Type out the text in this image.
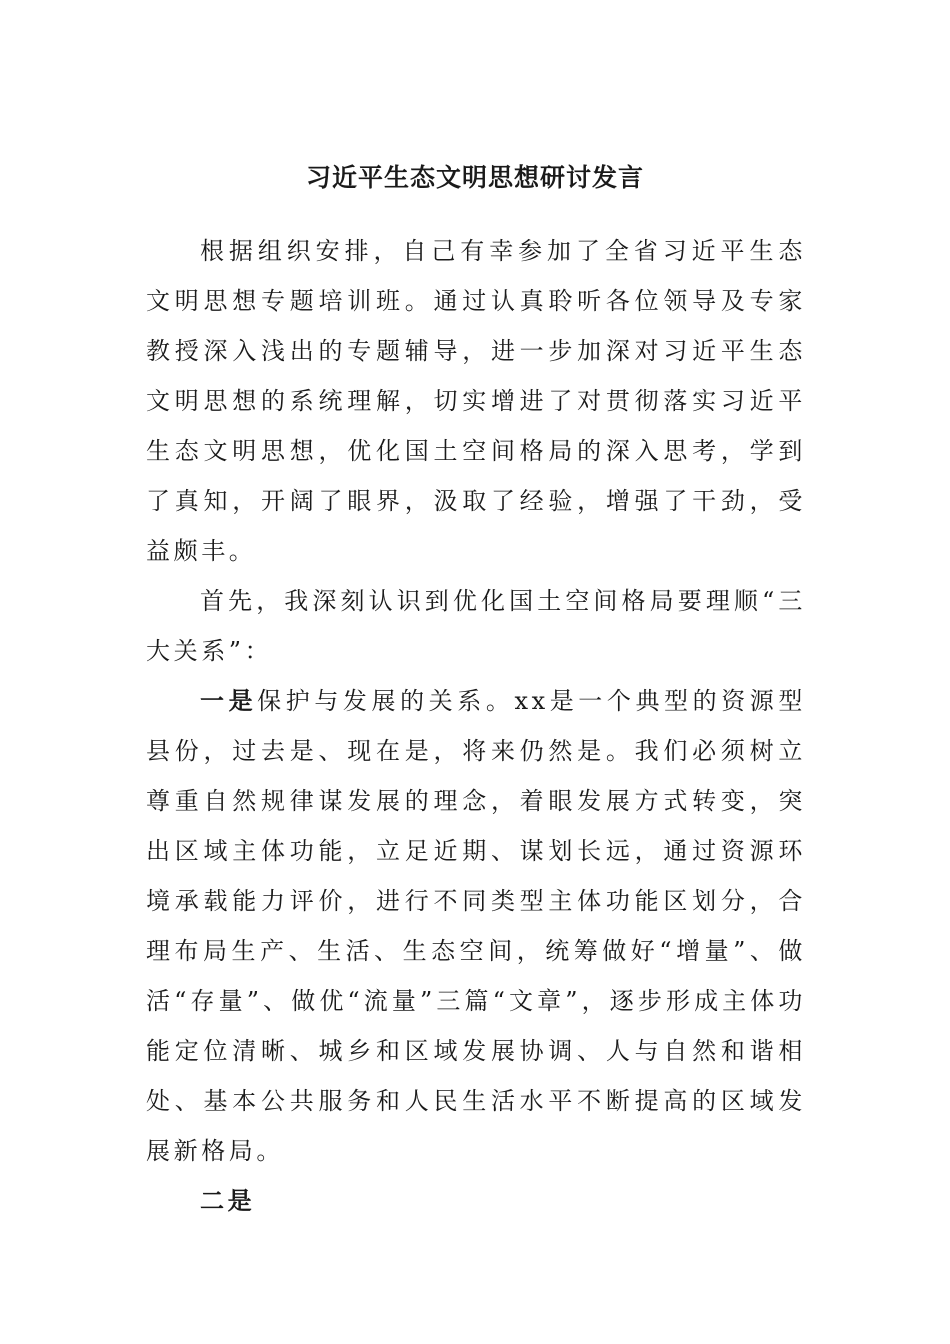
习近平生态文明思想研讨发言

根据组织安排，自己有幸参加了全省习近平生态文明思想专题培训班。通过认真聆听各位领导及专家教授深入浅出的专题辅导，进一步加深对习近平生态文明思想的系统理解，切实增进了对贯彻落实习近平生态文明思想，优化国土空间格局的深入思考，学到了真知，开阔了眼界，汲取了经验，增强了干劲，受益颇丰。

首先，我深刻认识到优化国土空间格局要理顺“三大关系”：

一是保护与发展的关系。xx是一个典型的资源型县份，过去是、现在是，将来仍然是。我们必须树立尊重自然规律谋发展的理念，着眼发展方式转变，突出区域主体功能，立足近期、谋划长远，通过资源环境承载能力评价，进行不同类型主体功能区划分，合理布局生产、生活、生态空间，统筹做好“增量”、做活“存量”、做优“流量”三篇“文章”，逐步形成主体功能定位清晰、城乡和区域发展协调、人与自然和谐相处、基本公共服务和人民生活水平不断提高的区域发展新格局。

二是
